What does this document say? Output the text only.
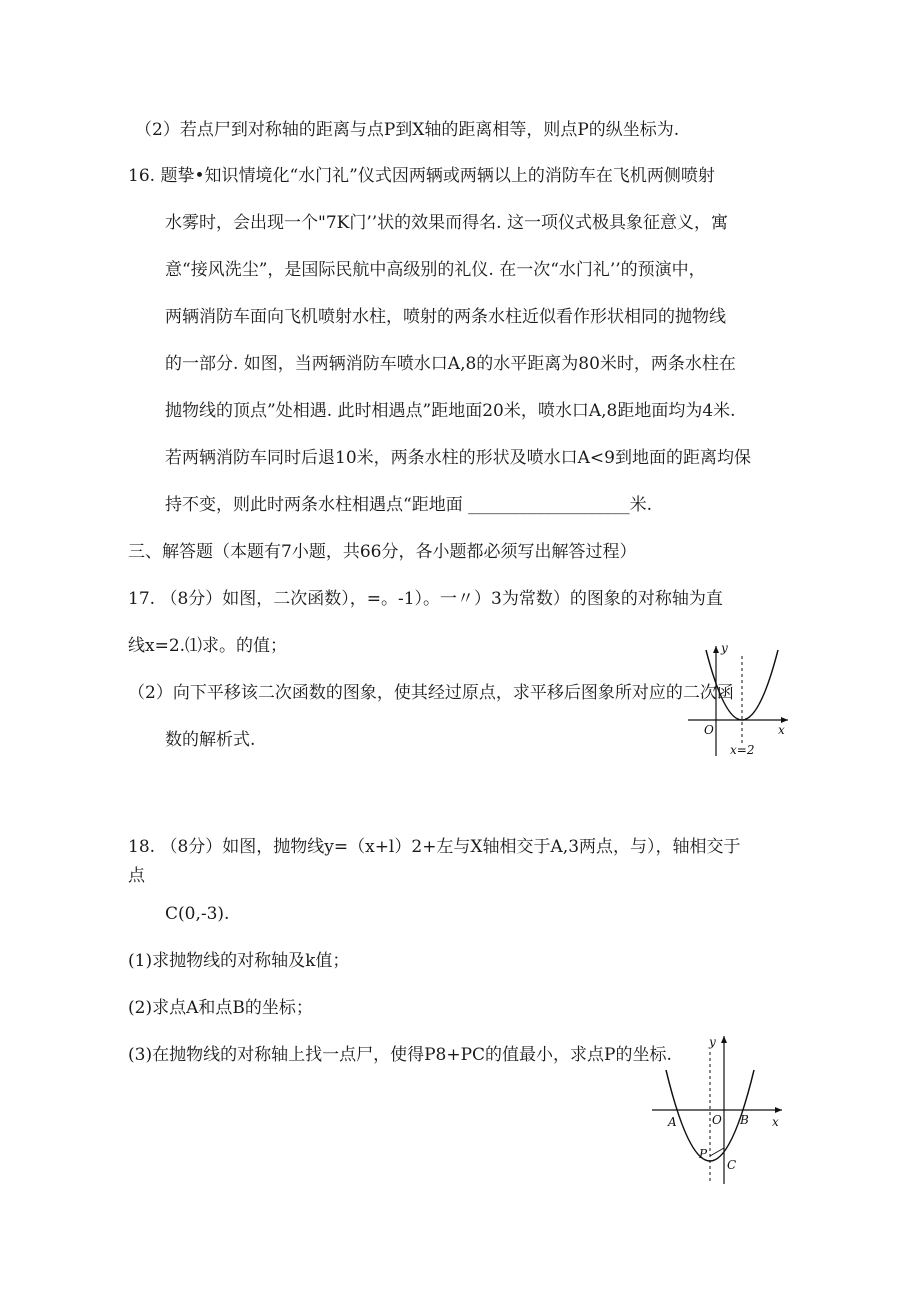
（2）若点尸到对称轴的距离与点P到X轴的距离相等，则点P的纵坐标为.
16. 题挚•知识情境化“水门礼”仪式因两辆或两辆以上的消防车在飞机两侧喷射
水雾时，会出现一个"7K门’’状的效果而得名. 这一项仪式极具象征意义，寓
意“接风洗尘”，是国际民航中高级别的礼仪. 在一次“水门礼’’的预演中，
两辆消防车面向飞机喷射水柱，喷射的两条水柱近似看作形状相同的抛物线
的一部分. 如图，当两辆消防车喷水口A,8的水平距离为80米时，两条水柱在
抛物线的顶点”处相遇. 此时相遇点”距地面20米，喷水口A,8距地面均为4米.
若两辆消防车同时后退10米，两条水柱的形状及喷水口A<9到地面的距离均保
持不变，则此时两条水柱相遇点“距地面 ___________________米.
三、解答题（本题有7小题，共66分，各小题都必须写出解答过程）
17. （8分）如图，二次函数），=。-1）。一〃）3为常数）的图象的对称轴为直
线x=2.⑴求。的值；
（2）向下平移该二次函数的图象，使其经过原点，求平移后图象所对应的二次函
数的解析式.
y
x
O
x=2
18. （8分）如图，抛物线y=（x+l）2+左与X轴相交于A,3两点，与），轴相交于
点
C(0,-3).
(1)求抛物线的对称轴及k值；
(2)求点A和点B的坐标；
(3)在抛物线的对称轴上找一点尸，使得P8+PC的值最小，求点P的坐标.
y
x
O
A	B
P
C
